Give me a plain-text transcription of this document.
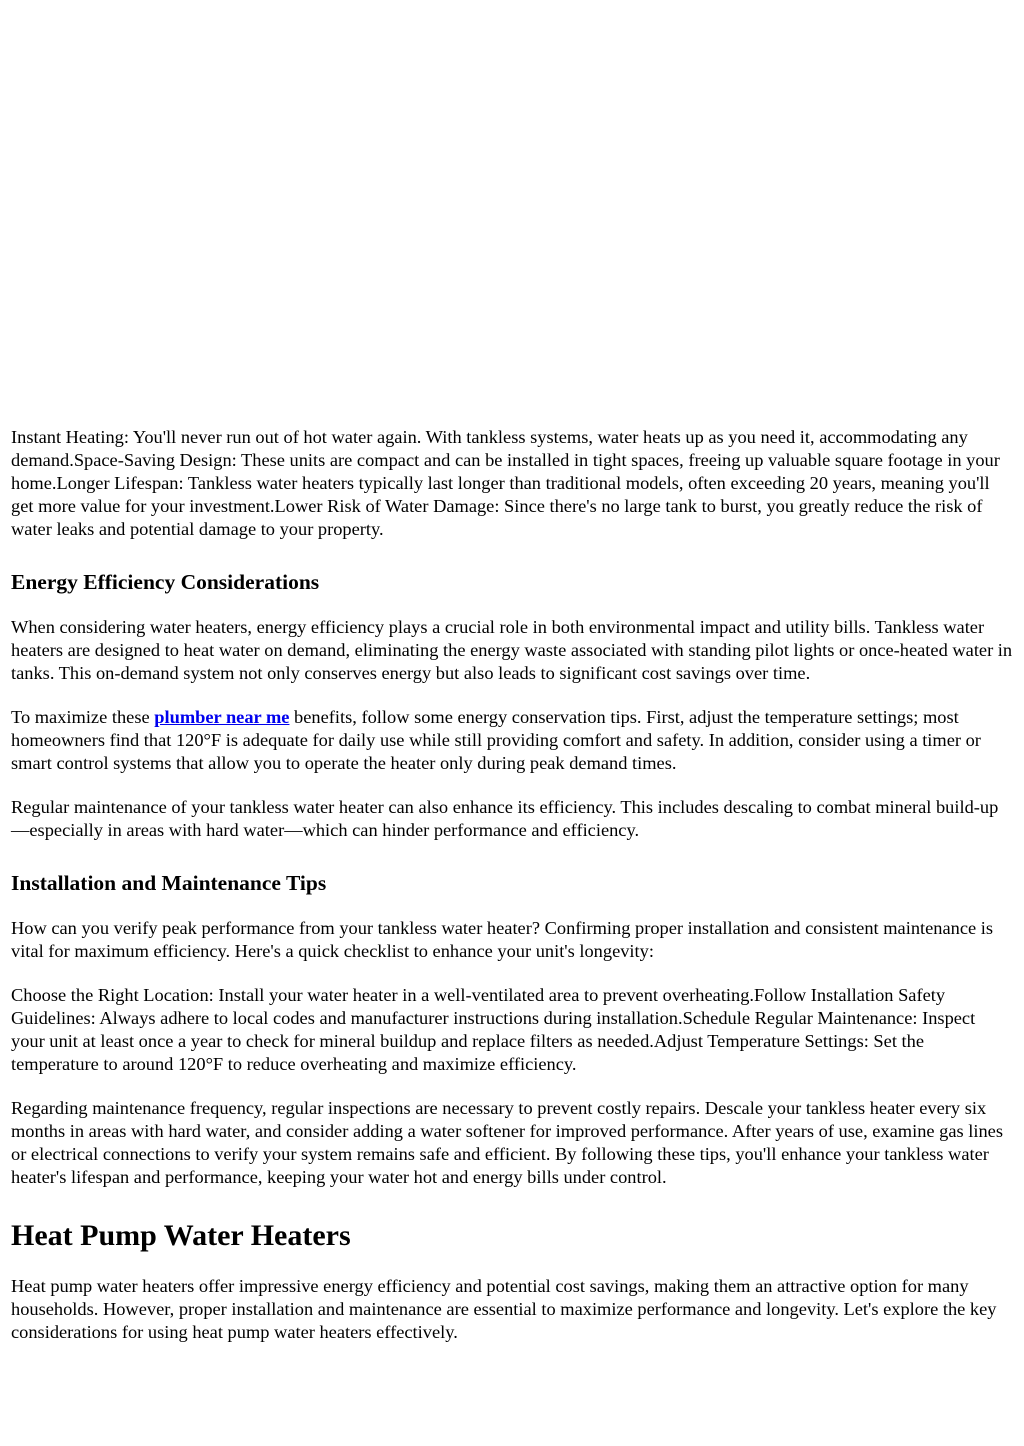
Instant Heating: You'll never run out of hot water again. With tankless systems, water heats up as you need it, accommodating any demand.Space-Saving Design: These units are compact and can be installed in tight spaces, freeing up valuable square footage in your home.Longer Lifespan: Tankless water heaters typically last longer than traditional models, often exceeding 20 years, meaning you'll get more value for your investment.Lower Risk of Water Damage: Since there's no large tank to burst, you greatly reduce the risk of water leaks and potential damage to your property.

Energy Efficiency Considerations

When considering water heaters, energy efficiency plays a crucial role in both environmental impact and utility bills. Tankless water heaters are designed to heat water on demand, eliminating the energy waste associated with standing pilot lights or once-heated water in tanks. This on-demand system not only conserves energy but also leads to significant cost savings over time.

To maximize these plumber near me benefits, follow some energy conservation tips. First, adjust the temperature settings; most homeowners find that 120°F is adequate for daily use while still providing comfort and safety. In addition, consider using a timer or smart control systems that allow you to operate the heater only during peak demand times.

Regular maintenance of your tankless water heater can also enhance its efficiency. This includes descaling to combat mineral build-up—especially in areas with hard water—which can hinder performance and efficiency.

Installation and Maintenance Tips

How can you verify peak performance from your tankless water heater? Confirming proper installation and consistent maintenance is vital for maximum efficiency. Here's a quick checklist to enhance your unit's longevity:

Choose the Right Location: Install your water heater in a well-ventilated area to prevent overheating.Follow Installation Safety Guidelines: Always adhere to local codes and manufacturer instructions during installation.Schedule Regular Maintenance: Inspect your unit at least once a year to check for mineral buildup and replace filters as needed.Adjust Temperature Settings: Set the temperature to around 120°F to reduce overheating and maximize efficiency.

Regarding maintenance frequency, regular inspections are necessary to prevent costly repairs. Descale your tankless heater every six months in areas with hard water, and consider adding a water softener for improved performance. After years of use, examine gas lines or electrical connections to verify your system remains safe and efficient. By following these tips, you'll enhance your tankless water heater's lifespan and performance, keeping your water hot and energy bills under control.

Heat Pump Water Heaters

Heat pump water heaters offer impressive energy efficiency and potential cost savings, making them an attractive option for many households. However, proper installation and maintenance are essential to maximize performance and longevity. Let's explore the key considerations for using heat pump water heaters effectively.
